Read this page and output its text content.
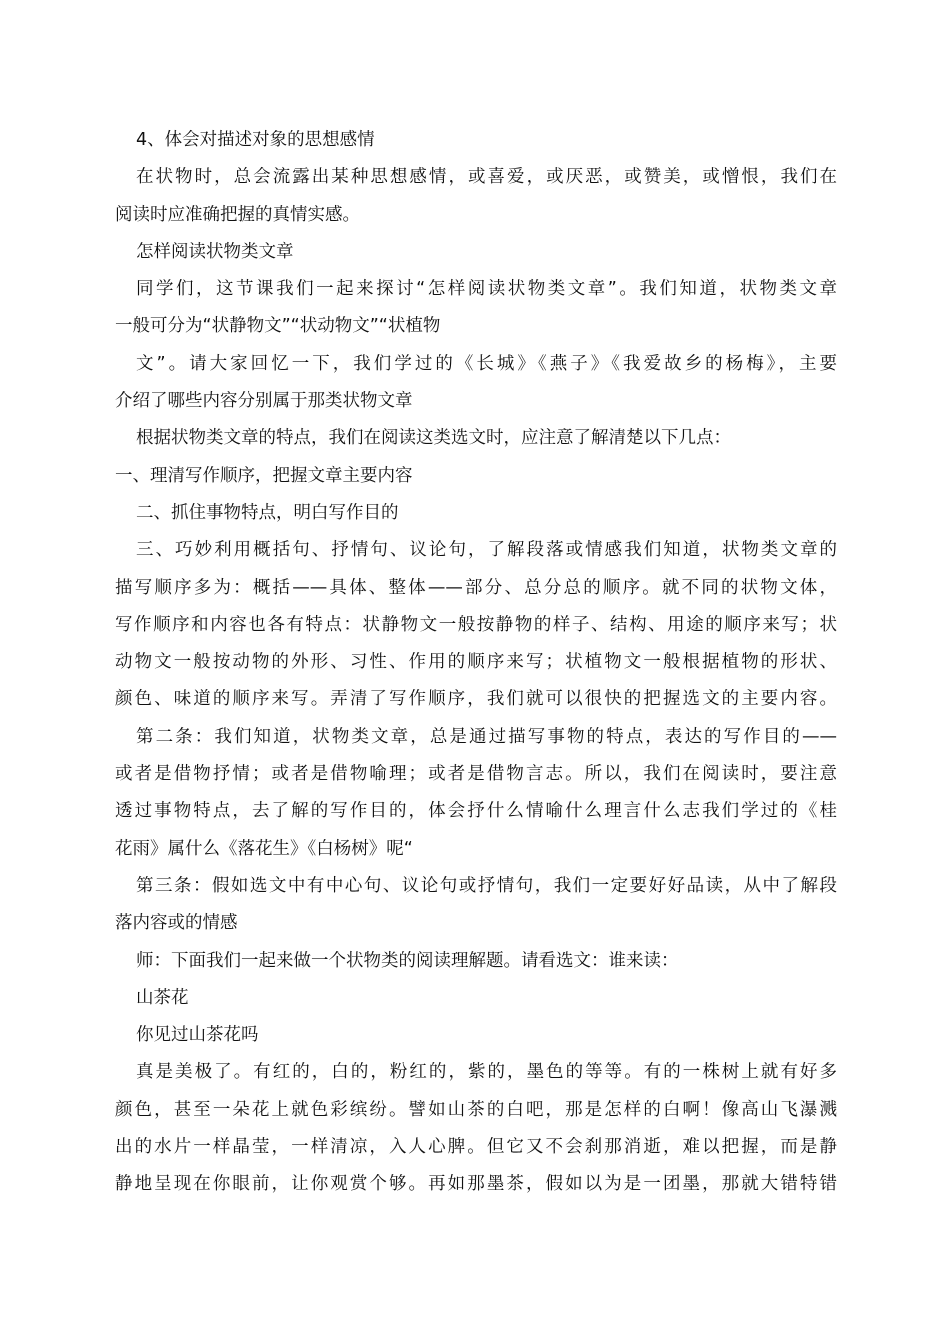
4、体会对描述对象的思想感情
在状物时，总会流露出某种思想感情，或喜爱，或厌恶，或赞美，或憎恨，我们在
阅读时应准确把握的真情实感。
怎样阅读状物类文章
同学们，这节课我们一起来探讨“怎样阅读状物类文章”。我们知道，状物类文章
一般可分为“状静物文”“状动物文”“状植物
文”。请大家回忆一下，我们学过的《长城》《燕子》《我爱故乡的杨梅》，主要
介绍了哪些内容分别属于那类状物文章
根据状物类文章的特点，我们在阅读这类选文时，应注意了解清楚以下几点：
一、理清写作顺序，把握文章主要内容
二、抓住事物特点，明白写作目的
三、巧妙利用概括句、抒情句、议论句，了解段落或情感我们知道，状物类文章的
描写顺序多为：概括——具体、整体——部分、总分总的顺序。就不同的状物文体，
写作顺序和内容也各有特点：状静物文一般按静物的样子、结构、用途的顺序来写；状
动物文一般按动物的外形、习性、作用的顺序来写；状植物文一般根据植物的形状、
颜色、味道的顺序来写。弄清了写作顺序，我们就可以很快的把握选文的主要内容。
第二条：我们知道，状物类文章，总是通过描写事物的特点，表达的写作目的——
或者是借物抒情；或者是借物喻理；或者是借物言志。所以，我们在阅读时，要注意
透过事物特点，去了解的写作目的，体会抒什么情喻什么理言什么志我们学过的《桂
花雨》属什么《落花生》《白杨树》呢“
第三条：假如选文中有中心句、议论句或抒情句，我们一定要好好品读，从中了解段
落内容或的情感
师：下面我们一起来做一个状物类的阅读理解题。请看选文：谁来读：
山茶花
你见过山茶花吗
真是美极了。有红的，白的，粉红的，紫的，墨色的等等。有的一株树上就有好多
颜色，甚至一朵花上就色彩缤纷。譬如山茶的白吧，那是怎样的白啊！像高山飞瀑溅
出的水片一样晶莹，一样清凉，入人心脾。但它又不会刹那消逝，难以把握，而是静
静地呈现在你眼前，让你观赏个够。再如那墨茶，假如以为是一团墨，那就大错特错
